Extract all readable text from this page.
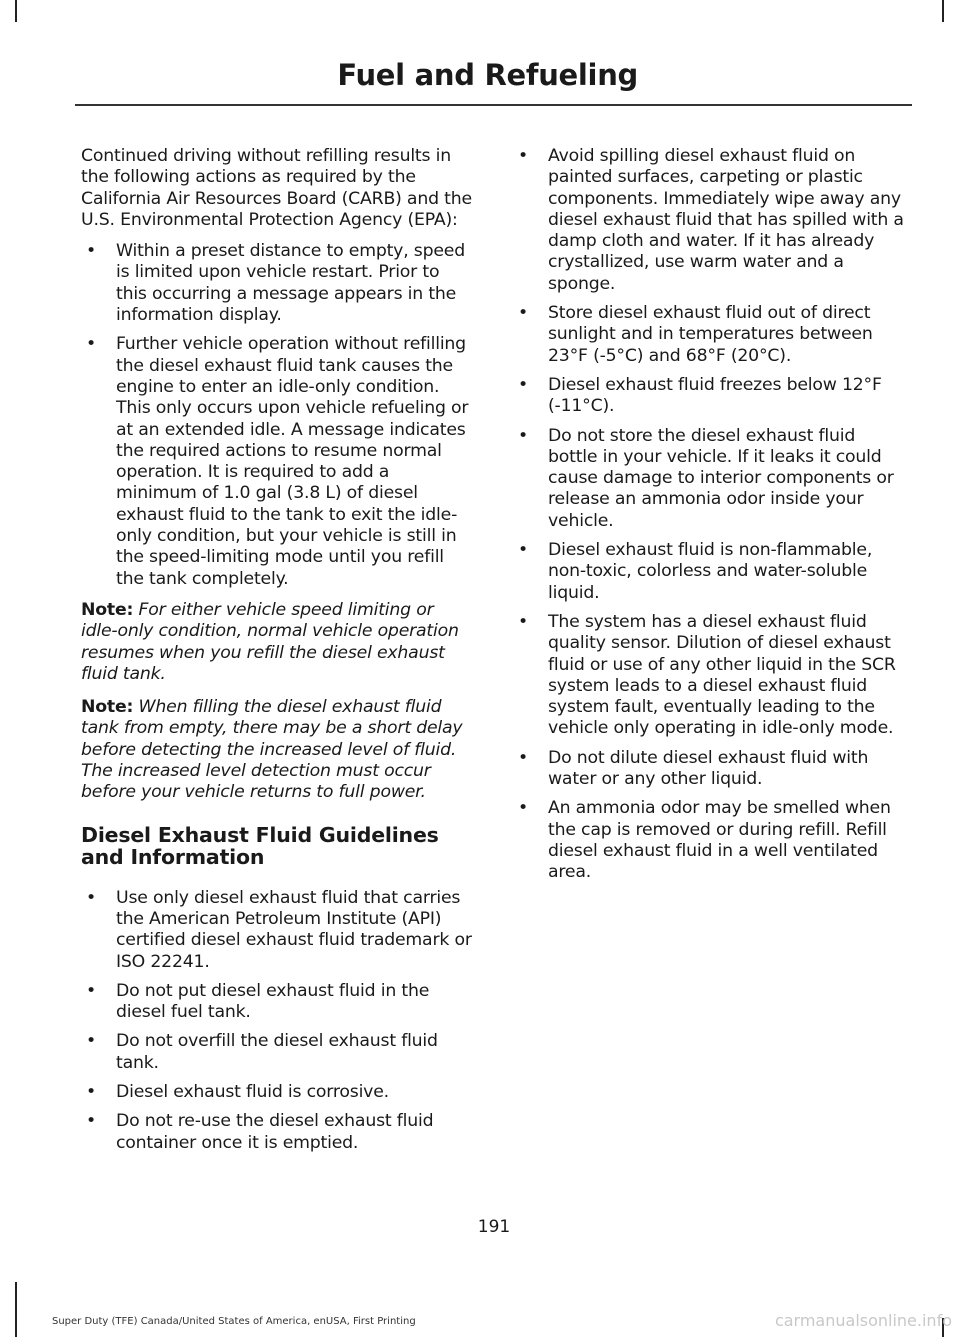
Fuel and Refueling

Continued driving without refilling results in the following actions as required by the California Air Resources Board (CARB) and the U.S. Environmental Protection Agency (EPA):

• Within a preset distance to empty, speed is limited upon vehicle restart. Prior to this occurring a message appears in the information display.
• Further vehicle operation without refilling the diesel exhaust fluid tank causes the engine to enter an idle-only condition. This only occurs upon vehicle refueling or at an extended idle. A message indicates the required actions to resume normal operation. It is required to add a minimum of 1.0 gal (3.8 L) of diesel exhaust fluid to the tank to exit the idle-only condition, but your vehicle is still in the speed-limiting mode until you refill the tank completely.

Note: For either vehicle speed limiting or idle-only condition, normal vehicle operation resumes when you refill the diesel exhaust fluid tank.

Note: When filling the diesel exhaust fluid tank from empty, there may be a short delay before detecting the increased level of fluid. The increased level detection must occur before your vehicle returns to full power.

Diesel Exhaust Fluid Guidelines and Information
• Use only diesel exhaust fluid that carries the American Petroleum Institute (API) certified diesel exhaust fluid trademark or ISO 22241.
• Do not put diesel exhaust fluid in the diesel fuel tank.
• Do not overfill the diesel exhaust fluid tank.
• Diesel exhaust fluid is corrosive.
• Do not re-use the diesel exhaust fluid container once it is emptied.
• Avoid spilling diesel exhaust fluid on painted surfaces, carpeting or plastic components. Immediately wipe away any diesel exhaust fluid that has spilled with a damp cloth and water. If it has already crystallized, use warm water and a sponge.
• Store diesel exhaust fluid out of direct sunlight and in temperatures between 23°F (-5°C) and 68°F (20°C).
• Diesel exhaust fluid freezes below 12°F (-11°C).
• Do not store the diesel exhaust fluid bottle in your vehicle. If it leaks it could cause damage to interior components or release an ammonia odor inside your vehicle.
• Diesel exhaust fluid is non-flammable, non-toxic, colorless and water-soluble liquid.
• The system has a diesel exhaust fluid quality sensor. Dilution of diesel exhaust fluid or use of any other liquid in the SCR system leads to a diesel exhaust fluid system fault, eventually leading to the vehicle only operating in idle-only mode.
• Do not dilute diesel exhaust fluid with water or any other liquid.
• An ammonia odor may be smelled when the cap is removed or during refill. Refill diesel exhaust fluid in a well ventilated area.
191
Super Duty (TFE) Canada/United States of America, enUSA, First Printing	carmanualsonline.info
